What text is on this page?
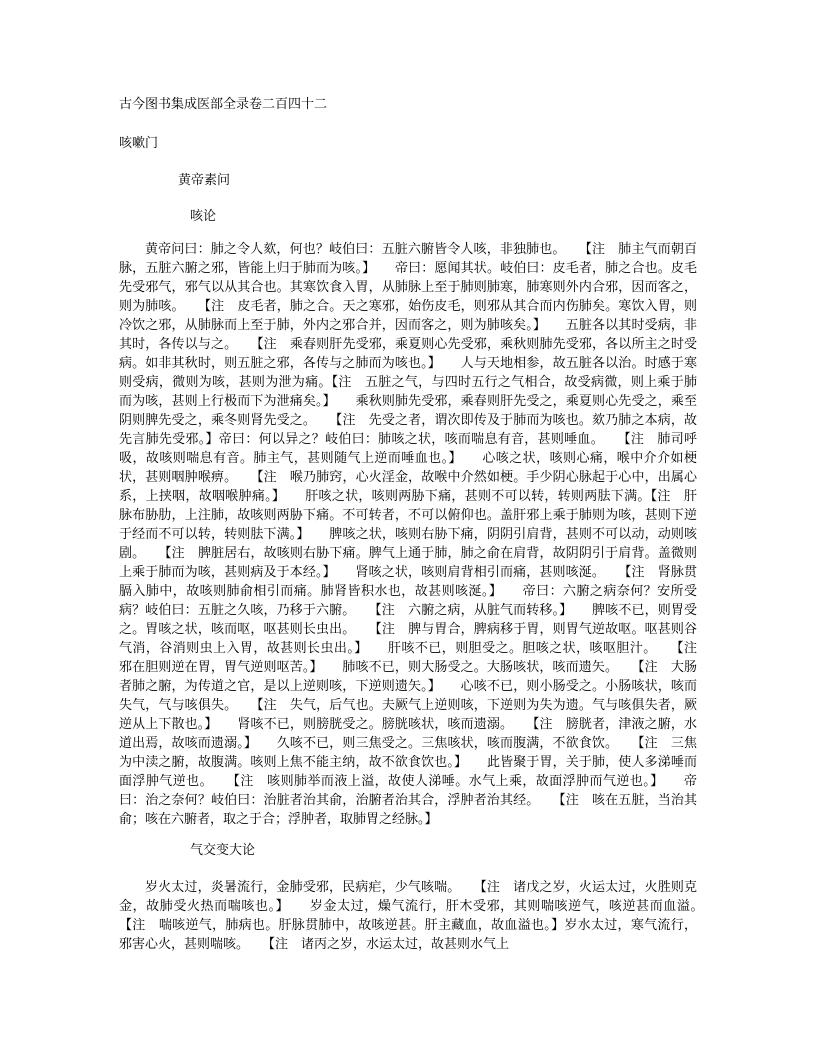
古今图书集成医部全录卷二百四十二
咳嗽门
黄帝素问
咳论

黄帝问曰：肺之令人欬，何也？岐伯曰：五脏六腑皆令人咳，非独肺也。　　【注　肺主气而朝百脉，五脏六腑之邪，皆能上归于肺而为咳。】　　帝曰：愿闻其状。岐伯曰：皮毛者，肺之合也。皮毛先受邪气，邪气以从其合也。其寒饮食入胃，从肺脉上至于肺则肺寒，肺寒则外内合邪，因而客之，则为肺咳。　　【注　皮毛者，肺之合。天之寒邪，始伤皮毛，则邪从其合而内伤肺矣。寒饮入胃，则冷饮之邪，从肺脉而上至于肺，外内之邪合并，因而客之，则为肺咳矣。】　　五脏各以其时受病，非其时，各传以与之。　　【注　乘春则肝先受邪，乘夏则心先受邪，乘秋则肺先受邪，各以所主之时受病。如非其秋时，则五脏之邪，各传与之肺而为咳也。】　　人与天地相参，故五脏各以治。时感于寒则受病，微则为咳，甚则为泄为痛。【注　五脏之气，与四时五行之气相合，故受病微，则上乘于肺而为咳，甚则上行极而下为泄痛矣。】　　乘秋则肺先受邪，乘春则肝先受之，乘夏则心先受之，乘至阴则脾先受之，乘冬则肾先受之。　　【注　先受之者，谓次即传及于肺而为咳也。欬乃肺之本病，故先言肺先受邪。】帝曰：何以异之？岐伯曰：肺咳之状，咳而喘息有音，甚则唾血。　　【注　肺司呼吸，故咳则喘息有音。肺主气，甚则随气上逆而唾血也。】　　心咳之状，咳则心痛，喉中介介如梗状，甚则咽肿喉痹。　　【注　喉乃肺窍，心火淫金，故喉中介然如梗。手少阴心脉起于心中，出属心系，上挟咽，故咽喉肿痛。】　　肝咳之状，咳则两胁下痛，甚则不可以转，转则两胠下满。【注　肝脉布胁肋，上注肺，故咳则两胁下痛。不可转者，不可以俯仰也。盖肝邪上乘于肺则为咳，甚则下逆于经而不可以转，转则胠下满。】　　脾咳之状，咳则右胁下痛，阴阴引肩背，甚则不可以动，动则咳剧。　　【注　脾脏居右，故咳则右胁下痛。脾气上通于肺，肺之俞在肩背，故阴阴引于肩背。盖微则上乘于肺而为咳，甚则病及于本经。】　　肾咳之状，咳则肩背相引而痛，甚则咳涎。　　【注　肾脉贯膈入肺中，故咳则肺俞相引而痛。肺肾皆积水也，故甚则咳涎。】　　帝曰：六腑之病奈何？安所受病？岐伯曰：五脏之久咳，乃移于六腑。　　【注　六腑之病，从脏气而转移。】　　脾咳不已，则胃受之。胃咳之状，咳而呕，呕甚则长虫出。　　【注　脾与胃合，脾病移于胃，则胃气逆故呕。呕甚则谷气消，谷消则虫上入胃，故甚则长虫出。】　　肝咳不已，则胆受之。胆咳之状，咳呕胆汁。　　【注　邪在胆则逆在胃，胃气逆则呕苦。】　　肺咳不已，则大肠受之。大肠咳状，咳而遗矢。　　【注　大肠者肺之腑，为传道之官，是以上逆则咳，下逆则遗矢。】　　心咳不已，则小肠受之。小肠咳状，咳而失气，气与咳俱失。　　【注　失气，后气也。夫厥气上逆则咳，下逆则为失为遗。气与咳俱失者，厥逆从上下散也。】　　肾咳不已，则膀胱受之。膀胱咳状，咳而遗溺。　　【注　膀胱者，津液之腑，水道出焉，故咳而遗溺。】　　久咳不已，则三焦受之。三焦咳状，咳而腹满，不欲食饮。　　【注　三焦为中渎之腑，故腹满。咳则上焦不能主纳，故不欲食饮也。】　　此皆聚于胃，关于肺，使人多涕唾而面浮肿气逆也。　　【注　咳则肺举而液上溢，故使人涕唾。水气上乘，故面浮肿而气逆也。】　　帝曰：治之奈何？岐伯曰：治脏者治其俞，治腑者治其合，浮肿者治其经。　　【注　咳在五脏，当治其俞；咳在六腑者，取之于合；浮肿者，取肺胃之经脉。】

气交变大论

岁火太过，炎暑流行，金肺受邪，民病疟，少气咳喘。　　【注　诸戊之岁，火运太过，火胜则克金，故肺受火热而喘咳也。】　　岁金太过，燥气流行，肝木受邪，其则喘咳逆气，咳逆甚而血溢。　　【注　喘咳逆气，肺病也。肝脉贯肺中，故咳逆甚。肝主藏血，故血溢也。】岁水太过，寒气流行，邪害心火，甚则喘咳。　　【注　诸丙之岁，水运太过，故甚则水气上
